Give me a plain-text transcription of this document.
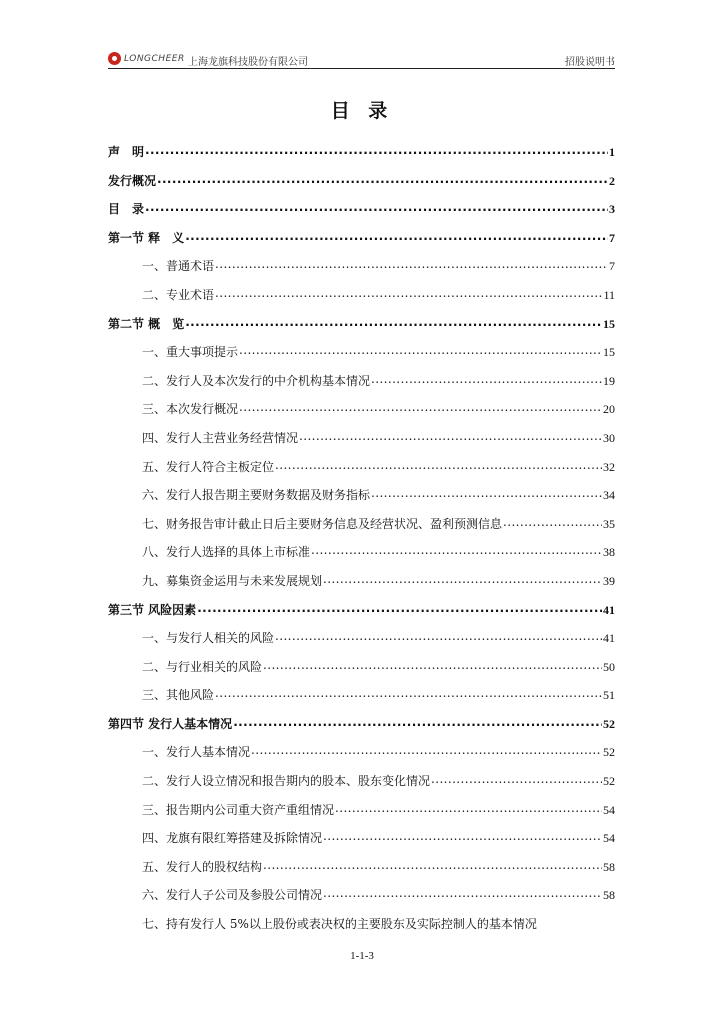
LONGCHEER 上海龙旗科技股份有限公司	招股说明书
目 录
声　明 .....	1
发行概况 .....	2
目　录 .....	3
第一节 释　义 .....	7
一、普通术语 .....	7
二、专业术语 .....	11
第二节 概　览 .....	15
一、重大事项提示 .....	15
二、发行人及本次发行的中介机构基本情况 .....	19
三、本次发行概况 .....	20
四、发行人主营业务经营情况 .....	30
五、发行人符合主板定位 .....	32
六、发行人报告期主要财务数据及财务指标 .....	34
七、财务报告审计截止日后主要财务信息及经营状况、盈利预测信息 .....	35
八、发行人选择的具体上市标准 .....	38
九、募集资金运用与未来发展规划 .....	39
第三节 风险因素 .....	41
一、与发行人相关的风险 .....	41
二、与行业相关的风险 .....	50
三、其他风险 .....	51
第四节 发行人基本情况 .....	52
一、发行人基本情况 .....	52
二、发行人设立情况和报告期内的股本、股东变化情况 .....	52
三、报告期内公司重大资产重组情况 .....	54
四、龙旗有限红筹搭建及拆除情况 .....	54
五、发行人的股权结构 .....	58
六、发行人子公司及参股公司情况 .....	58
七、持有发行人 5%以上股份或表决权的主要股东及实际控制人的基本情况
1-1-3
